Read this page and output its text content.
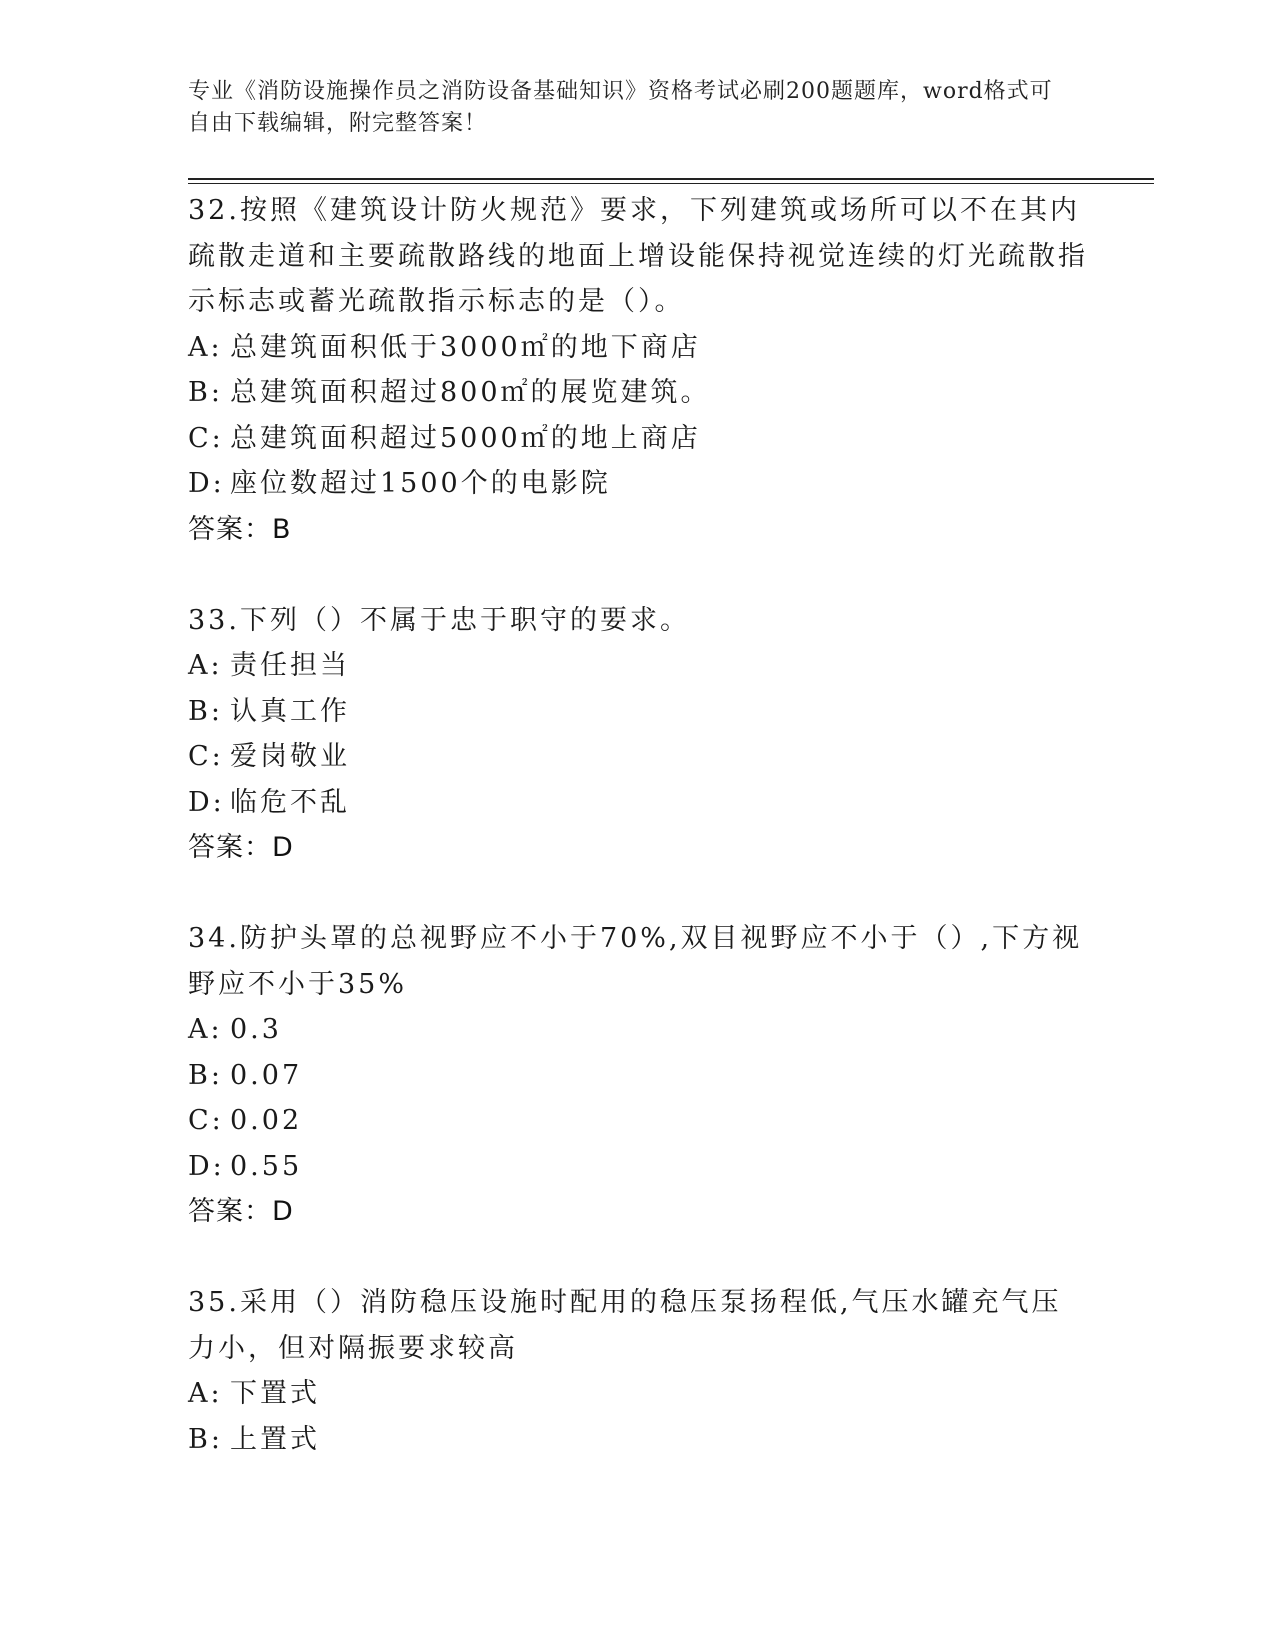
专业《消防设施操作员之消防设备基础知识》资格考试必刷200题题库，word格式可自由下载编辑，附完整答案！
32.按照《建筑设计防火规范》要求，下列建筑或场所可以不在其内疏散走道和主要疏散路线的地面上增设能保持视觉连续的灯光疏散指示标志或蓄光疏散指示标志的是（）。
A: 总建筑面积低于3000㎡的地下商店
B: 总建筑面积超过800㎡的展览建筑。
C: 总建筑面积超过5000㎡的地上商店
D: 座位数超过1500个的电影院
答案：B
33.下列（）不属于忠于职守的要求。
A: 责任担当
B: 认真工作
C: 爱岗敬业
D: 临危不乱
答案：D
34.防护头罩的总视野应不小于70%,双目视野应不小于（）,下方视野应不小于35%
A: 0.3
B: 0.07
C: 0.02
D: 0.55
答案：D
35.采用（）消防稳压设施时配用的稳压泵扬程低,气压水罐充气压力小，但对隔振要求较高
A: 下置式
B: 上置式
